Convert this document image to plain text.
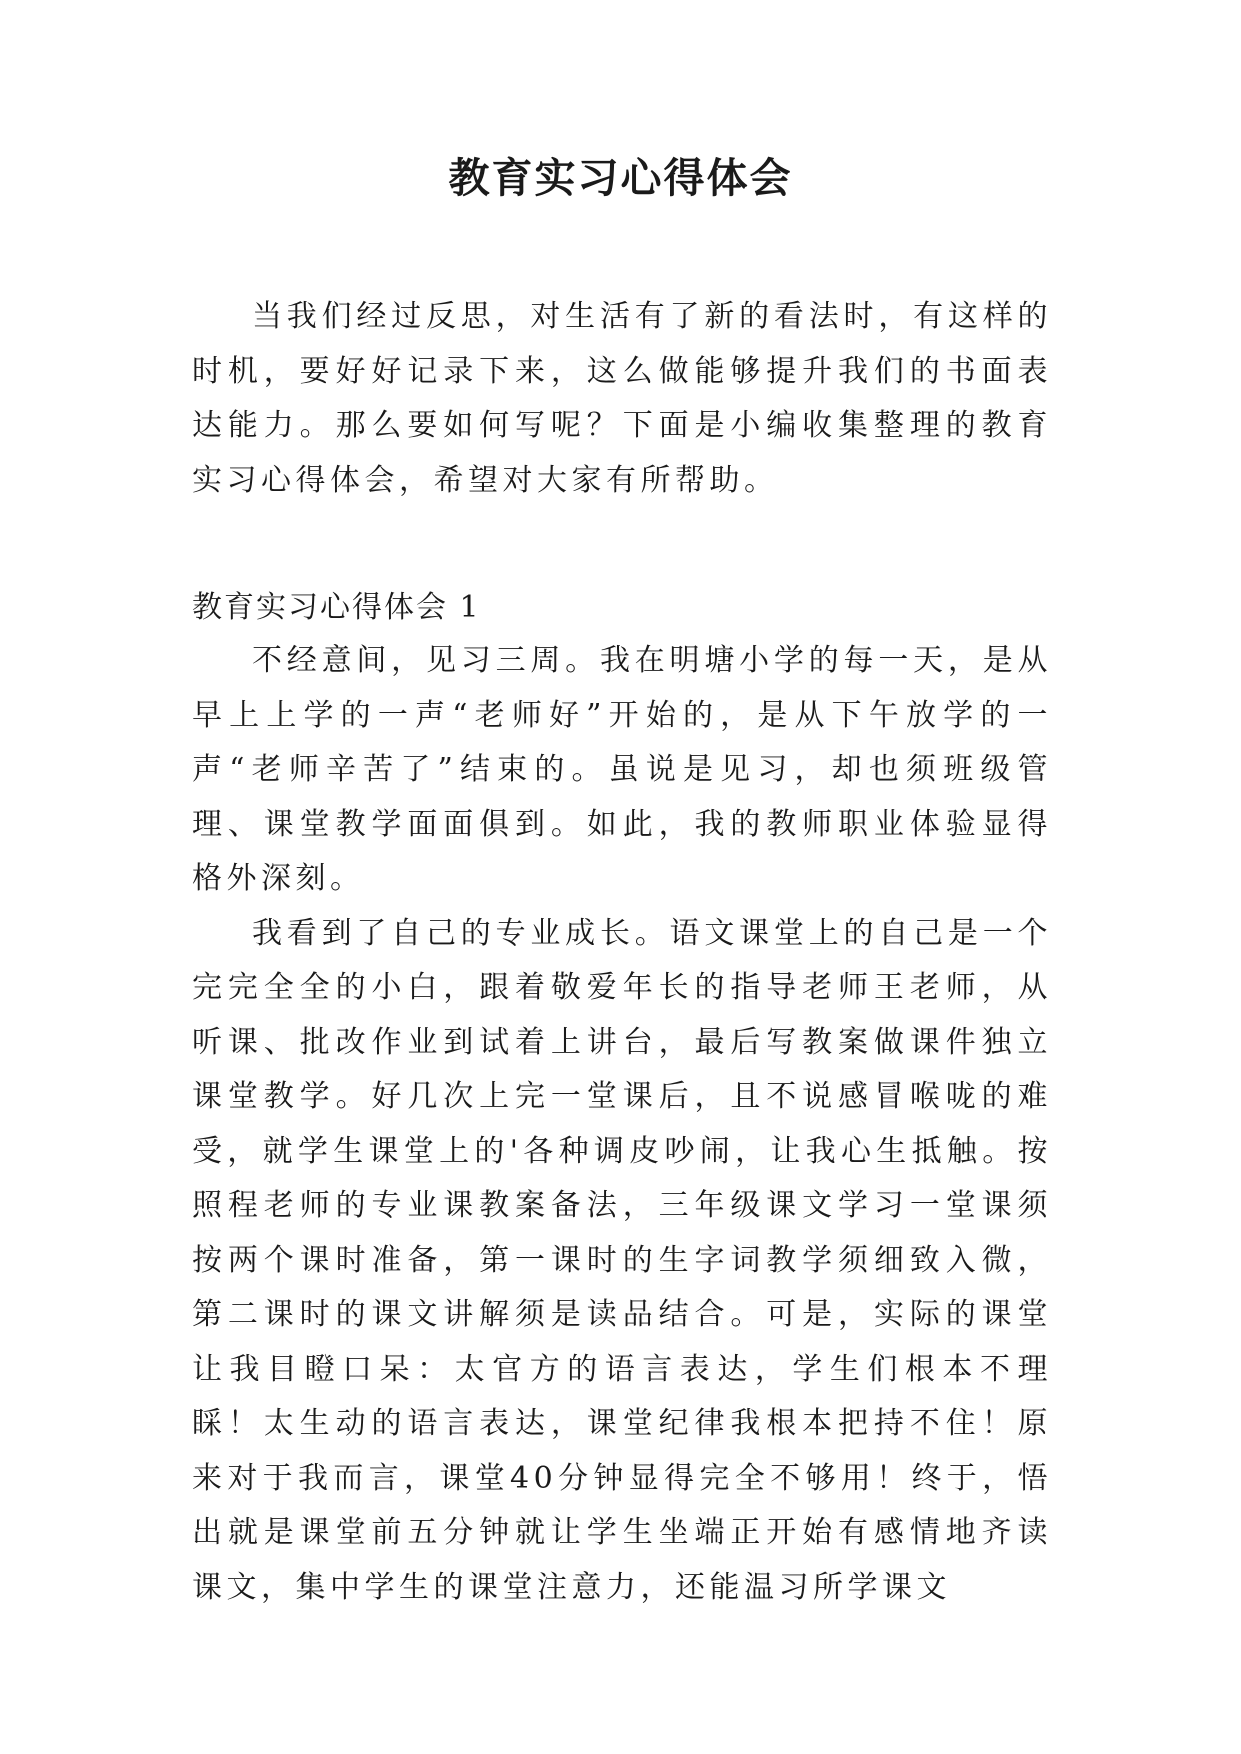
教育实习心得体会

当我们经过反思，对生活有了新的看法时，有这样的时机，要好好记录下来，这么做能够提升我们的书面表达能力。那么要如何写呢？下面是小编收集整理的教育实习心得体会，希望对大家有所帮助。

教育实习心得体会 1

不经意间，见习三周。我在明塘小学的每一天，是从早上上学的一声“老师好”开始的，是从下午放学的一声“老师辛苦了”结束的。虽说是见习，却也须班级管理、课堂教学面面俱到。如此，我的教师职业体验显得格外深刻。

我看到了自己的专业成长。语文课堂上的自己是一个完完全全的小白，跟着敬爱年长的指导老师王老师，从听课、批改作业到试着上讲台，最后写教案做课件独立课堂教学。好几次上完一堂课后，且不说感冒喉咙的难受，就学生课堂上的'各种调皮吵闹，让我心生抵触。按照程老师的专业课教案备法，三年级课文学习一堂课须按两个课时准备，第一课时的生字词教学须细致入微，第二课时的课文讲解须是读品结合。可是，实际的课堂让我目瞪口呆：太官方的语言表达，学生们根本不理睬！太生动的语言表达，课堂纪律我根本把持不住！原来对于我而言，课堂40分钟显得完全不够用！终于，悟出就是课堂前五分钟就让学生坐端正开始有感情地齐读课文，集中学生的课堂注意力，还能温习所学课文
